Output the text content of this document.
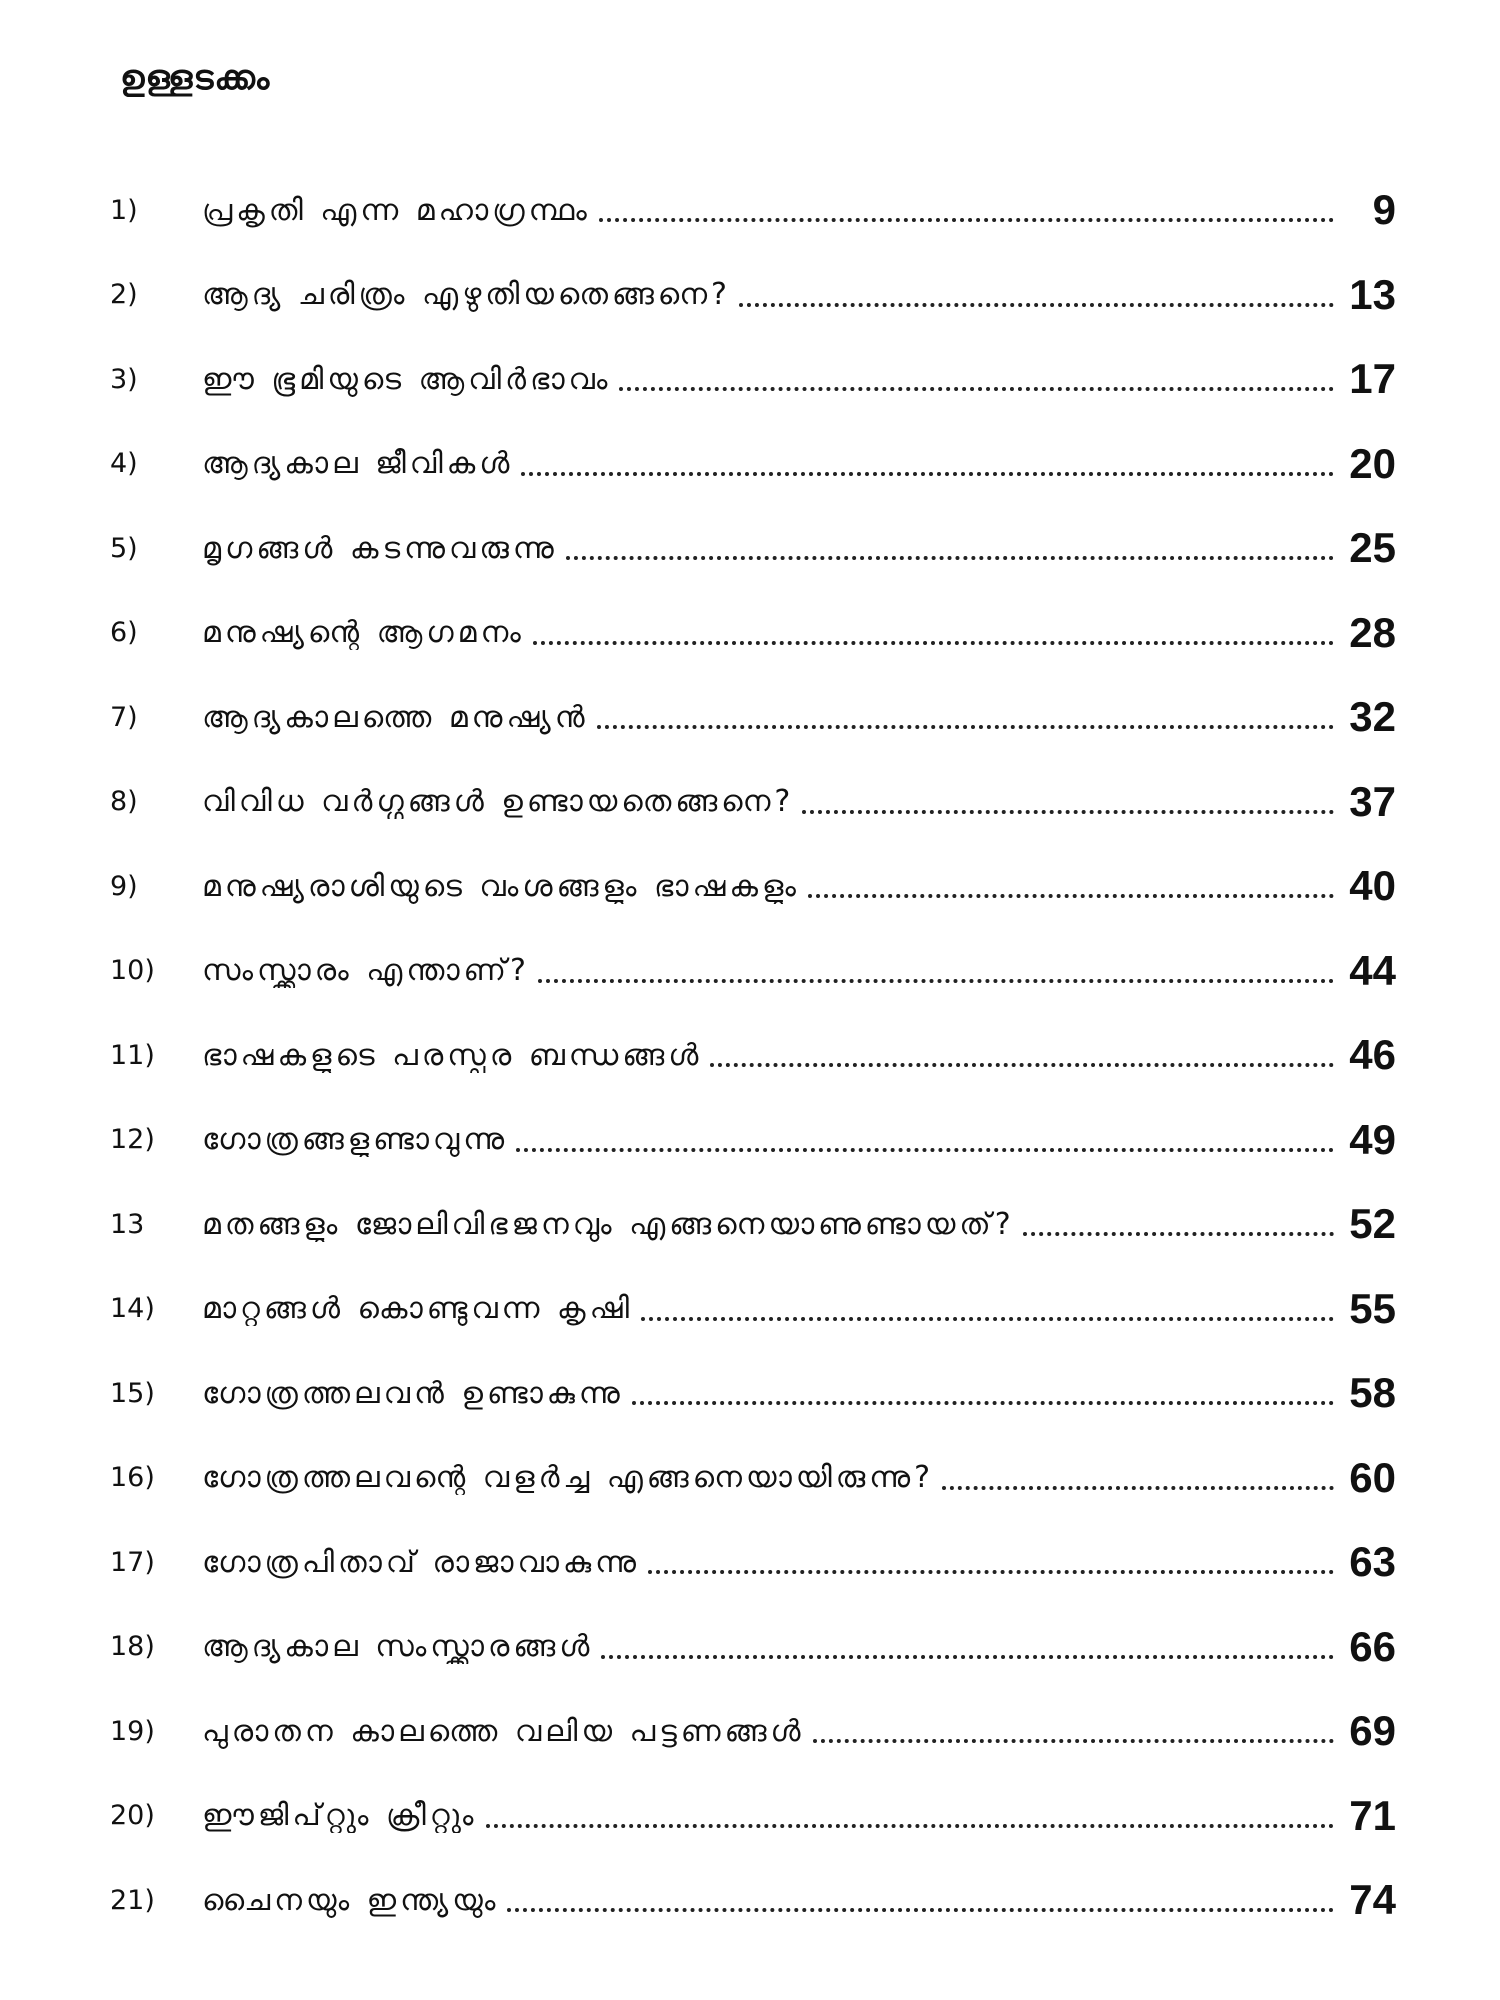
ഉള്ളടക്കം
1)	പ്രകൃതി എന്ന മഹാഗ്രന്ഥം	9
2)	ആദ്യ ചരിത്രം എഴുതിയതെങ്ങനെ?	13
3)	ഈ ഭൂമിയുടെ ആവിർഭാവം	17
4)	ആദ്യകാല ജീവികൾ	20
5)	മൃഗങ്ങൾ കടന്നുവരുന്നു	25
6)	മനുഷ്യന്റെ ആഗമനം	28
7)	ആദ്യകാലത്തെ മനുഷ്യൻ	32
8)	വിവിധ വർഗ്ഗങ്ങൾ ഉണ്ടായതെങ്ങനെ?	37
9)	മനുഷ്യരാശിയുടെ വംശങ്ങളും ഭാഷകളും	40
10)	സംസ്ക്കാരം എന്താണ്?	44
11)	ഭാഷകളുടെ പരസ്പര ബന്ധങ്ങൾ	46
12)	ഗോത്രങ്ങളുണ്ടാവുന്നു	49
13	മതങ്ങളും ജോലിവിഭജനവും എങ്ങനെയാണുണ്ടായത്?	52
14)	മാറ്റങ്ങൾ കൊണ്ടുവന്ന കൃഷി	55
15)	ഗോത്രത്തലവൻ ഉണ്ടാകുന്നു	58
16)	ഗോത്രത്തലവന്റെ വളർച്ച എങ്ങനെയായിരുന്നു?	60
17)	ഗോത്രപിതാവ് രാജാവാകുന്നു	63
18)	ആദ്യകാല സംസ്ക്കാരങ്ങൾ	66
19)	പുരാതന കാലത്തെ വലിയ പട്ടണങ്ങൾ	69
20)	ഈജിപ്റ്റും ക്രീറ്റും	71
21)	ചൈനയും ഇന്ത്യയും	74
